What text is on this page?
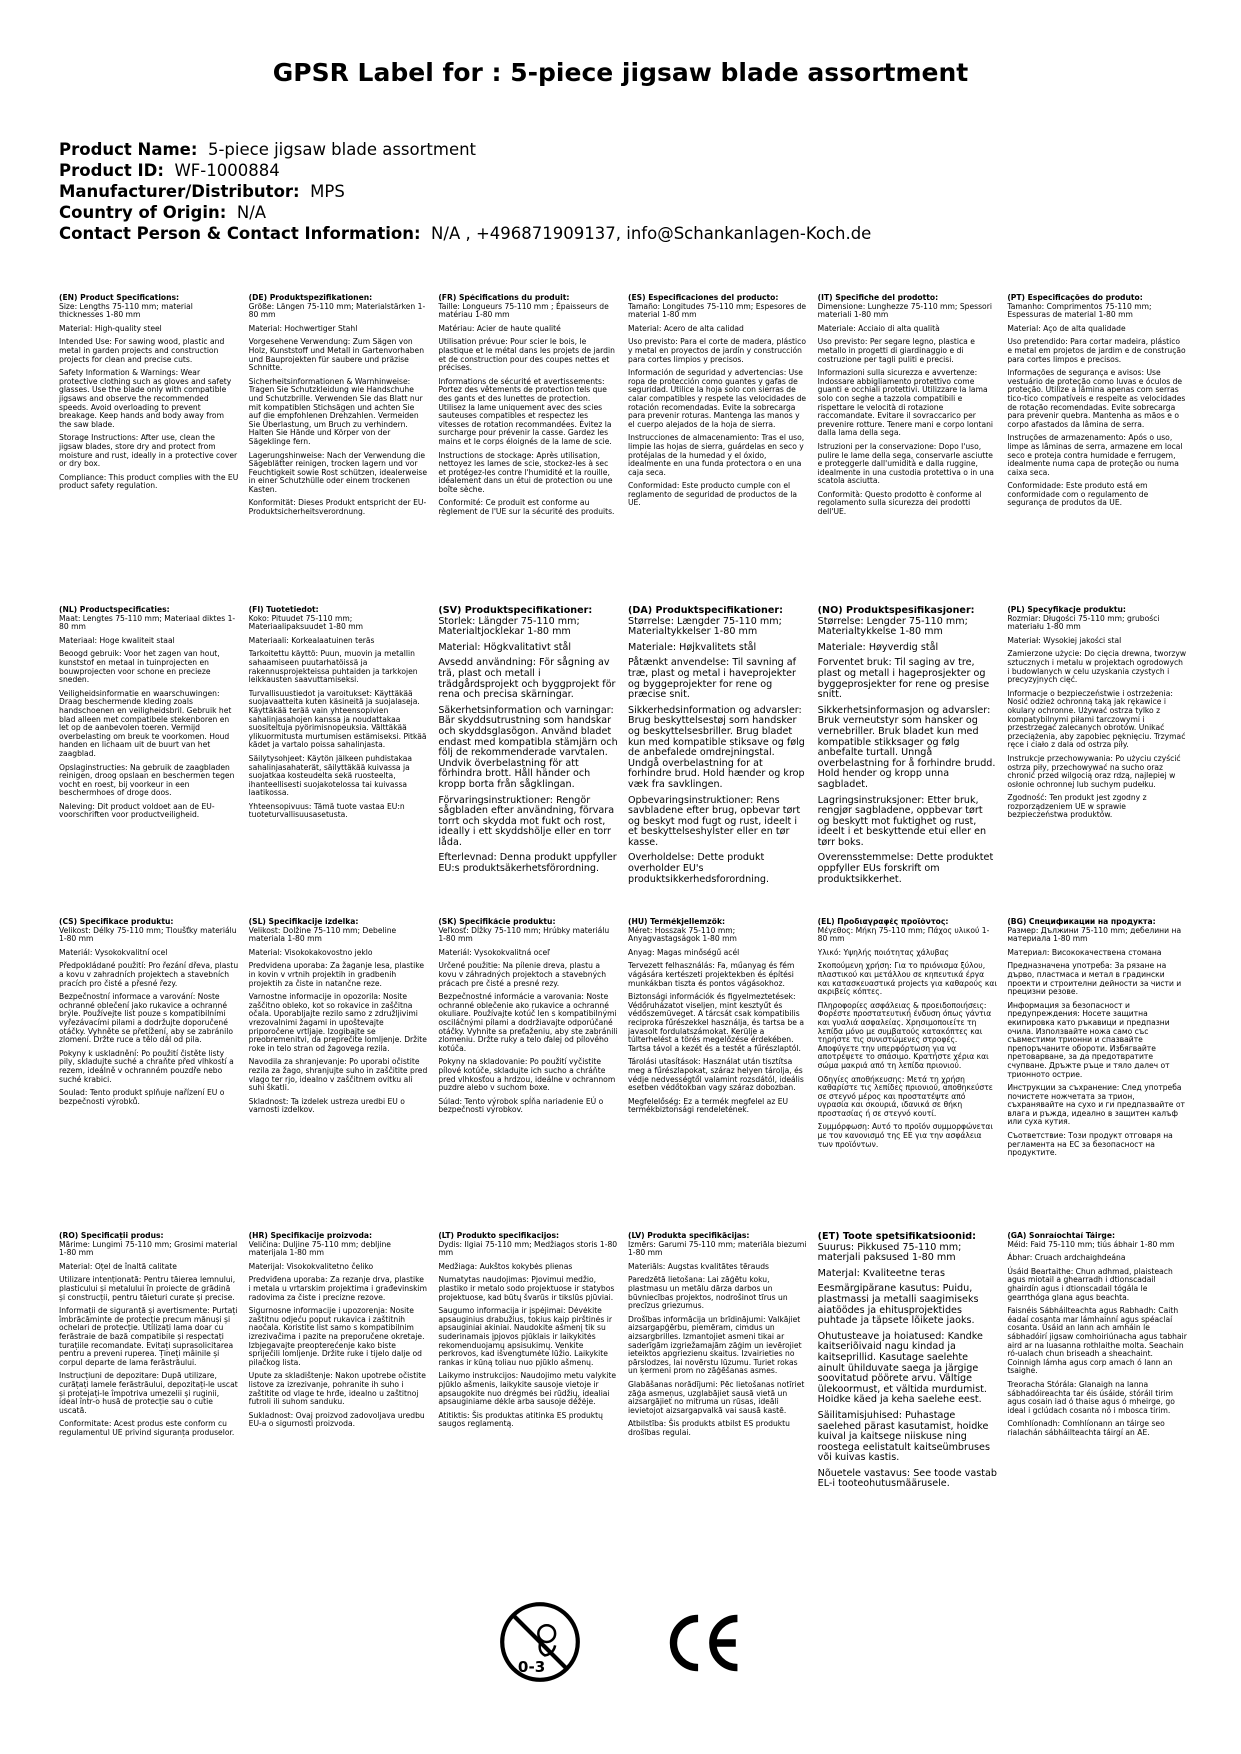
GPSR Label for : 5-piece jigsaw blade assortment
Product Name: 5-piece jigsaw blade assortment
Product ID: WF-1000884
Manufacturer/Distributor: MPS
Country of Origin: N/A
Contact Person & Contact Information: N/A , +496871909137, info@Schankanlagen-Koch.de
(EN) Product Specifications:
Size: Lengths 75-110 mm; material thicknesses 1-80 mm
Material: High-quality steel

Intended Use: For sawing wood, plastic and metal in garden projects and construction projects for clean and precise cuts.

Safety Information & Warnings: Wear protective clothing such as gloves and safety glasses. Use the blade only with compatible jigsaws and observe the recommended speeds. Avoid overloading to prevent breakage. Keep hands and body away from the saw blade.

Storage Instructions: After use, clean the jigsaw blades, store dry and protect from moisture and rust, ideally in a protective cover or dry box.

Compliance: This product complies with the EU product safety regulation.

(DE) Produktspezifikationen:
Größe: Längen 75-110 mm; Materialstärken 1-80 mm
Material: Hochwertiger Stahl

Vorgesehene Verwendung: Zum Sägen von Holz, Kunststoff und Metall in Gartenvorhaben und Bauprojekten für saubere und präzise Schnitte.

Sicherheitsinformationen & Warnhinweise: Tragen Sie Schutzkleidung wie Handschuhe und Schutzbrille. Verwenden Sie das Blatt nur mit kompatiblen Stichsägen und achten Sie auf die empfohlenen Drehzahlen. Vermeiden Sie Überlastung, um Bruch zu verhindern. Halten Sie Hände und Körper von der Sägeklinge fern.

Lagerungshinweise: Nach der Verwendung die Sägeblätter reinigen, trocken lagern und vor Feuchtigkeit sowie Rost schützen, idealerweise in einer Schutzhülle oder einem trockenen Kasten.

Konformität: Dieses Produkt entspricht der EU-Produktsicherheitsverordnung.

(FR) Spécifications du produit:
Taille: Longueurs 75-110 mm ; Épaisseurs de matériau 1-80 mm
Matériau: Acier de haute qualité

Utilisation prévue: Pour scier le bois, le plastique et le métal dans les projets de jardin et de construction pour des coupes nettes et précises.

Informations de sécurité et avertissements: Portez des vêtements de protection tels que des gants et des lunettes de protection. Utilisez la lame uniquement avec des scies sauteuses compatibles et respectez les vitesses de rotation recommandées. Évitez la surcharge pour prévenir la casse. Gardez les mains et le corps éloignés de la lame de scie.

Instructions de stockage: Après utilisation, nettoyez les lames de scie, stockez-les à sec et protégez-les contre l'humidité et la rouille, idéalement dans un étui de protection ou une boîte sèche.

Conformité: Ce produit est conforme au règlement de l'UE sur la sécurité des produits.

(ES) Especificaciones del producto:
Tamaño: Longitudes 75-110 mm; Espesores de material 1-80 mm
Material: Acero de alta calidad

Uso previsto: Para el corte de madera, plástico y metal en proyectos de jardín y construcción para cortes limpios y precisos.

Información de seguridad y advertencias: Use ropa de protección como guantes y gafas de seguridad. Utilice la hoja solo con sierras de calar compatibles y respete las velocidades de rotación recomendadas. Evite la sobrecarga para prevenir roturas. Mantenga las manos y el cuerpo alejados de la hoja de sierra.

Instrucciones de almacenamiento: Tras el uso, limpie las hojas de sierra, guárdelas en seco y protéjalas de la humedad y el óxido, idealmente en una funda protectora o en una caja seca.

Conformidad: Este producto cumple con el reglamento de seguridad de productos de la UE.

(IT) Specifiche del prodotto:
Dimensione: Lunghezze 75-110 mm; Spessori materiali 1-80 mm
Materiale: Acciaio di alta qualità

Uso previsto: Per segare legno, plastica e metallo in progetti di giardinaggio e di costruzione per tagli puliti e precisi.

Informazioni sulla sicurezza e avvertenze: Indossare abbigliamento protettivo come guanti e occhiali protettivi. Utilizzare la lama solo con seghe a tazzola compatibili e rispettare le velocità di rotazione raccomandate. Evitare il sovraccarico per prevenire rotture. Tenere mani e corpo lontani dalla lama della sega.

Istruzioni per la conservazione: Dopo l'uso, pulire le lame della sega, conservarle asciutte e proteggerle dall'umidità e dalla ruggine, idealmente in una custodia protettiva o in una scatola asciutta.

Conformità: Questo prodotto è conforme al regolamento sulla sicurezza dei prodotti dell'UE.

(PT) Especificações do produto:
Tamanho: Comprimentos 75-110 mm; Espessuras de material 1-80 mm
Material: Aço de alta qualidade

Uso pretendido: Para cortar madeira, plástico e metal em projetos de jardim e de construção para cortes limpos e precisos.

Informações de segurança e avisos: Use vestuário de proteção como luvas e óculos de proteção. Utilize a lâmina apenas com serras tico-tico compatíveis e respeite as velocidades de rotação recomendadas. Evite sobrecarga para prevenir quebra. Mantenha as mãos e o corpo afastados da lâmina de serra.

Instruções de armazenamento: Após o uso, limpe as lâminas de serra, armazene em local seco e proteja contra humidade e ferrugem, idealmente numa capa de proteção ou numa caixa seca.

Conformidade: Este produto está em conformidade com o regulamento de segurança de produtos da UE.

(NL) Productspecificaties:
Maat: Lengtes 75-110 mm; Materiaal diktes 1-80 mm
Materiaal: Hoge kwaliteit staal

Beoogd gebruik: Voor het zagen van hout, kunststof en metaal in tuinprojecten en bouwprojecten voor schone en precieze sneden.

Veiligheidsinformatie en waarschuwingen: Draag beschermende kleding zoals handschoenen en veiligheidsbril. Gebruik het blad alleen met compatibele stekenboren en let op de aanbevolen toeren. Vermijd overbelasting om breuk te voorkomen. Houd handen en lichaam uit de buurt van het zaagblad.

Opslaginstructies: Na gebruik de zaagbladen reinigen, droog opslaan en beschermen tegen vocht en roest, bij voorkeur in een beschermhoes of droge doos.

Naleving: Dit product voldoet aan de EU-voorschriften voor productveiligheid.

(FI) Tuotetiedot:
Koko: Pituudet 75-110 mm; Materiaalipaksuudet 1-80 mm
Materiaali: Korkealaatuinen teräs

Tarkoitettu käyttö: Puun, muovin ja metallin sahaamiseen puutarhatöissä ja rakennusprojekteissa puhtaiden ja tarkkojen leikkausten saavuttamiseksi.

Turvallisuustiedot ja varoitukset: Käyttäkää suojavaatteita kuten käsineitä ja suojalaseja. Käyttäkää terää vain yhteensopivien sahalinjasahojen kanssa ja noudattakaa suositeltuja pyörimisnopeuksia. Välttäkää ylikuormitusta murtumisen estämiseksi. Pitkää kädet ja vartalo poissa sahalinjasta.

Säilytysohjeet: Käytön jälkeen puhdistakaa sahalinjasahaterät, säilyttäkää kuivassa ja suojatkaa kosteudelta sekä ruosteelta, ihanteellisesti suojakotelossa tai kuivassa laatikossa.

Yhteensopivuus: Tämä tuote vastaa EU:n tuoteturvallisuusasetusta.

(SV) Produktspecifikationer:
Storlek: Längder 75-110 mm; Materialtjocklekar 1-80 mm
Material: Högkvalitativt stål

Avsedd användning: För sågning av trä, plast och metall i trädgårdsprojekt och byggprojekt för rena och precisa skärningar.

Säkerhetsinformation och varningar: Bär skyddsutrustning som handskar och skyddsglasögon. Använd bladet endast med kompatibla stämjärn och följ de rekommenderade varvtalen. Undvik överbelastning för att förhindra brott. Håll händer och kropp borta från sågklingan.

Förvaringsinstruktioner: Rengör sågbladen efter användning, förvara torrt och skydda mot fukt och rost, ideally i ett skyddshölje eller en torr låda.

Efterlevnad: Denna produkt uppfyller EU:s produktsäkerhetsförordning.

(DA) Produktspecifikationer:
Størrelse: Længder 75-110 mm; Materialtykkelser 1-80 mm
Materiale: Højkvalitets stål

Påtænkt anvendelse: Til savning af træ, plast og metal i haveprojekter og byggeprojekter for rene og præcise snit.

Sikkerhedsinformation og advarsler: Brug beskyttelsestøj som handsker og beskyttelsesbriller. Brug bladet kun med kompatible stiksave og følg de anbefalede omdrejningstal. Undgå overbelastning for at forhindre brud. Hold hænder og krop væk fra savklingen.

Opbevaringsinstruktioner: Rens savbladene efter brug, opbevar tørt og beskyt mod fugt og rust, ideelt i et beskyttelseshylster eller en tør kasse.

Overholdelse: Dette produkt overholder EU's produktsikkerhedsforordning.

(NO) Produktspesifikasjoner:
Størrelse: Lengder 75-110 mm; Materialtykkelse 1-80 mm
Materiale: Høyverdig stål

Forventet bruk: Til saging av tre, plast og metall i hageprosjekter og byggeprosjekter for rene og presise snitt.

Sikkerhetsinformasjon og advarsler: Bruk verneutstyr som hansker og vernebriller. Bruk bladet kun med kompatible stikksager og følg anbefalte turtall. Unngå overbelastning for å forhindre brudd. Hold hender og kropp unna sagbladet.

Lagringsinstruksjoner: Etter bruk, rengjør sagbladene, oppbevar tørt og beskytt mot fuktighet og rust, ideelt i et beskyttende etui eller en tørr boks.

Overensstemmelse: Dette produktet oppfyller EUs forskrift om produktsikkerhet.

(PL) Specyfikacje produktu:
Rozmiar: Długości 75-110 mm; grubości materiału 1-80 mm
Materiał: Wysokiej jakości stal

Zamierzone użycie: Do cięcia drewna, tworzyw sztucznych i metalu w projektach ogrodowych i budowlanych w celu uzyskania czystych i precyzyjnych cięć.

Informacje o bezpieczeństwie i ostrzeżenia: Nosić odzież ochronną taką jak rękawice i okulary ochronne. Używać ostrza tylko z kompatybilnymi piłami tarczowymi i przestrzegać zalecanych obrotów. Unikać przeciążenia, aby zapobiec pęknięciu. Trzymać ręce i ciało z dala od ostrza piły.

Instrukcje przechowywania: Po użyciu czyścić ostrza piły, przechowywać na sucho oraz chronić przed wilgocią oraz rdzą, najlepiej w osłonie ochronnej lub suchym pudełku.

Zgodność: Ten produkt jest zgodny z rozporządzeniem UE w sprawie bezpieczeństwa produktów.

(CS) Specifikace produktu:
Velikost: Délky 75-110 mm; Tloušťky materiálu 1-80 mm
Materiál: Vysokokvalitní ocel

Předpokládané použití: Pro řezání dřeva, plastu a kovu v zahradních projektech a stavebních pracích pro čisté a přesné řezy.

Bezpečnostní informace a varování: Noste ochranné oblečení jako rukavice a ochranné brýle. Používejte list pouze s kompatibilními vyřezávacími pilami a dodržujte doporučené otáčky. Vyhněte se přetížení, aby se zabránilo zlomení. Držte ruce a tělo dál od pila.

Pokyny k uskladnění: Po použití čistěte listy pily, skladujte suché a chraňte před vlhkostí a rezem, ideálně v ochranném pouzdře nebo suché krabici.

Soulad: Tento produkt splňuje nařízení EU o bezpečnosti výrobků.

(SL) Specifikacije izdelka:
Velikost: Dolžine 75-110 mm; Debeline materiala 1-80 mm
Material: Visokokakovostno jeklo

Predvidena uporaba: Za žaganje lesa, plastike in kovin v vrtnih projektih in gradbenih projektih za čiste in natančne reze.

Varnostne informacije in opozorila: Nosite zaščitno obleko, kot so rokavice in zaščitna očala. Uporabljajte rezilo samo z združljivimi vrezovalnimi žagami in upoštevajte priporočene vrtljaje. Izogibajte se preobremenitvi, da preprečite lomljenje. Držite roke in telo stran od žagovega rezila.

Navodila za shranjevanje: Po uporabi očistite rezila za žago, shranjujte suho in zaščitite pred vlago ter rjo, idealno v zaščitnem ovitku ali suhi škatli.

Skladnost: Ta izdelek ustreza uredbi EU o varnosti izdelkov.

(SK) Špecifikácie produktu:
Veľkosť: Dĺžky 75-110 mm; Hrúbky materiálu 1-80 mm
Materiál: Vysokokvalitná oceľ

Určené použitie: Na pílenie dreva, plastu a kovu v záhradných projektoch a stavebných prácach pre čisté a presné rezy.

Bezpečnostné informácie a varovania: Noste ochranné oblečenie ako rukavice a ochranné okuliare. Používajte kotúč len s kompatibilnými osciláčnými pílami a dodržiavajte odporúčané otáčky. Vyhnite sa preťaženiu, aby ste zabránili zlomeniu. Držte ruky a telo ďalej od pílového kotúča.

Pokyny na skladovanie: Po použití vyčistite pílové kotúče, skladujte ich sucho a chráňte pred vlhkosťou a hrdzou, ideálne v ochrannom puzdre alebo v suchom boxe.

Súlad: Tento výrobok spĺňa nariadenie EÚ o bezpečnosti výrobkov.

(HU) Termékjellemzők:
Méret: Hosszak 75-110 mm; Anyagvastagságok 1-80 mm
Anyag: Magas minőségű acél

Tervezett felhasználás: Fa, műanyag és fém vágására kertészeti projektekben és építési munkákban tiszta és pontos vágásokhoz.

Biztonsági információk és figyelmeztetések: Védőruházatot viseljen, mint kesztyűt és védőszemüveget. A tárcsát csak kompatibilis reciproka fűrészekkel használja, és tartsa be a javasolt fordulatszámokat. Kerülje a túlterhelést a törés megelőzése érdekében. Tartsa távol a kezét és a testét a fűrészlaptól.

Tárolási utasítások: Használat után tisztítsa meg a fűrészlapokat, száraz helyen tárolja, és védje nedvességtől valamint rozsdától, ideális esetben védőtokban vagy száraz dobozban.

Megfelelőség: Ez a termék megfelel az EU termékbiztonsági rendeletének.

(EL) Προδιαγραφές προϊόντος:
Μέγεθος: Μήκη 75-110 mm; Πάχος υλικού 1-80 mm
Υλικό: Υψηλής ποιότητας χάλυβας

Σκοπούμενη χρήση: Για το πριόνισμα ξύλου, πλαστικού και μετάλλου σε κηπευτικά έργα και κατασκευαστικά projects για καθαρούς και ακριβείς κόπτες.

Πληροφορίες ασφάλειας & προειδοποιήσεις: Φορέστε προστατευτική ένδυση όπως γάντια και γυαλιά ασφαλείας. Χρησιμοποιείτε τη λεπίδα μόνο με συμβατούς κατακόπτες και τηρήστε τις συνιστώμενες στροφές. Αποφύγετε την υπερφόρτωση για να αποτρέψετε το σπάσιμο. Κρατήστε χέρια και σώμα μακριά από τη λεπίδα πριονιού.

Οδηγίες αποθήκευσης: Μετά τη χρήση καθαρίστε τις λεπίδες πριονιού, αποθηκεύστε σε στεγνό μέρος και προστατέψτε από υγρασία και σκουριά, ιδανικά σε θήκη προστασίας ή σε στεγνό κουτί.

Συμμόρφωση: Αυτό το προϊόν συμμορφώνεται με τον κανονισμό της ΕΕ για την ασφάλεια των προϊόντων.

(BG) Спецификации на продукта:
Размер: Дължини 75-110 mm; дебелини на материала 1-80 mm
Материал: Висококачествена стомана

Предназначена употреба: За рязане на дърво, пластмаса и метал в градински проекти и строителни дейности за чисти и прецизни резове.

Информация за безопасност и предупреждения: Носете защитна екипировка като ръкавици и предпазни очила. Използвайте ножа само със съвместими трионни и спазвайте препоръчаните обороти. Избягвайте претоварване, за да предотвратите счупване. Дръжте ръце и тяло далеч от трионното острие.

Инструкции за съхранение: След употреба почистете ножчетата за трион, съхранявайте на сухо и ги предпазвайте от влага и ръжда, идеално в защитен калъф или суха кутия.

Съответствие: Този продукт отговаря на регламента на ЕС за безопасност на продуктите.

(RO) Specificații produs:
Mărime: Lungimi 75-110 mm; Grosimi material 1-80 mm
Material: Oțel de înaltă calitate

Utilizare intenționată: Pentru tăierea lemnului, plasticului și metalului în proiecte de grădină și construcții, pentru tăieturi curate și precise.

Informații de siguranță și avertismente: Purtați îmbrăcăminte de protecție precum mănuși și ochelari de protecție. Utilizați lama doar cu ferăstraie de bază compatibile și respectați turațiile recomandate. Evitați suprasolicitarea pentru a preveni ruperea. Țineți mâinile și corpul departe de lama ferăstrăului.

Instrucțiuni de depozitare: După utilizare, curățați lamele ferăstrăului, depozitați-le uscat și protejați-le împotriva umezelii și ruginii, ideal într-o husă de protecție sau o cutie uscată.

Conformitate: Acest produs este conform cu regulamentul UE privind siguranța produselor.

(HR) Specifikacije proizvoda:
Veličina: Duljine 75-110 mm; debljine materijala 1-80 mm
Materijal: Visokokvalitetno čeliko

Predviđena uporaba: Za rezanje drva, plastike i metala u vrtarskim projektima i građevinskim radovima za čiste i precizne rezove.

Sigurnosne informacije i upozorenja: Nosite zaštitnu odjeću poput rukavica i zaštitnih naočala. Koristite list samo s kompatibilnim izrezivačima i pazite na preporučene okretaje. Izbjegavajte preopterećenje kako biste spriječili lomljenje. Držite ruke i tijelo dalje od pilačkog lista.

Upute za skladištenje: Nakon upotrebe očistite listove za izrezivanje, pohranite ih suho i zaštitite od vlage te hrđe, idealno u zaštitnoj futroli ili suhom sanduku.

Sukladnost: Ovaj proizvod zadovoljava uredbu EU-a o sigurnosti proizvoda.

(LT) Produkto specifikacijos:
Dydis: Ilgiai 75-110 mm; Medžiagos storis 1-80 mm
Medžiaga: Aukštos kokybės plienas

Numatytas naudojimas: Pjovimui medžio, plastiko ir metalo sodo projektuose ir statybos projektuose, kad būtų švarūs ir tikslūs pjūviai.

Saugumo informacija ir įspėjimai: Dėvėkite apsauginius drabužius, tokius kaip pirštinės ir apsauginiai akiniai. Naudokite ašmenį tik su suderinamais įpjovos pjūklais ir laikykitės rekomenduojamų apsisukimų. Venkite perkrovos, kad išvengtumėte lūžio. Laikykite rankas ir kūną toliau nuo pjūklo ašmenų.

Laikymo instrukcijos: Naudojimo metu valykite pjūklo ašmenis, laikykite sausoje vietoje ir apsaugokite nuo drėgmės bei rūdžių, idealiai apsauginiame dėkle arba sausoje dėžėje.

Atitiktis: Šis produktas atitinka ES produktų saugos reglamentą.

(LV) Produkta specifikācijas:
Izmērs: Garumi 75-110 mm; materiāla biezumi 1-80 mm
Materiāls: Augstas kvalitātes tērauds

Paredzētā lietošana: Lai zāģētu koku, plastmasu un metālu dārza darbos un būvniecības projektos, nodrošinot tīrus un precīzus griezumus.

Drošības informācija un brīdinājumi: Valkājiet aizsargapģērbu, piemēram, cimdus un aizsargbrilles. Izmantojiet asmeni tikai ar saderīgām izgriežamajām zāģim un ievērojiet ieteiktos apgriezienu skaitus. Izvairieties no pārslodzes, lai novērstu lūzumu. Turiet rokas un ķermeni prom no zāģēšanas asmes.

Glabāšanas norādījumi: Pēc lietošanas notīriet zāģa asmeņus, uzglabājiet sausā vietā un aizsargājiet no mitruma un rūsas, ideāli ievietojot aizsargapvalkā vai sausā kastē.

Atbilstība: Šis produkts atbilst ES produktu drošības regulai.

(ET) Toote spetsifikatsioonid:
Suurus: Pikkused 75-110 mm; materjali paksused 1-80 mm
Materjal: Kvaliteetne teras

Eesmärgipärane kasutus: Puidu, plastmassi ja metalli saagimiseks aiatöödes ja ehitusprojektides puhtade ja täpsete lõikete jaoks.

Ohutusteave ja hoiatused: Kandke kaitseriõivaid nagu kindad ja kaitseprillid. Kasutage saelehte ainult ühilduvate saega ja järgige soovitatud pöörete arvu. Vältige ülekoormust, et vältida murdumist. Hoidke käed ja keha saelehe eest.

Säilitamisjuhised: Puhastage saelehed pärast kasutamist, hoidke kuival ja kaitsege niiskuse ning roostega eelistatult kaitseümbruses või kuivas kastis.

Nõuetele vastavus: See toode vastab EL-i tooteohutusmäärusele.

(GA) Sonraíochtaí Táirge:
Méid: Faid 75-110 mm; tiús ábhair 1-80 mm
Ábhar: Cruach ardchaighdeána

Úsáid Beartaithe: Chun adhmad, plaisteach agus miotail a ghearradh i dtionscadail ghairdín agus i dtionscadail tógála le gearrthóga glana agus beachta.

Faisnéis Sábháilteachta agus Rabhadh: Caith éadaí cosanta mar lámhainní agus spéaclaí cosanta. Úsáid an lann ach amháin le sábhadóirí jigsaw comhoiriúnacha agus tabhair aird ar na luasanna rothlaithe molta. Seachain ró-ualach chun briseadh a sheachaint. Coinnigh lámha agus corp amach ó lann an tsaighe.

Treoracha Stórála: Glanaigh na lanna sábhadóireachta tar éis úsáide, stóráil tirim agus cosain iad ó thaise agus ó mheirge, go ideal i gclúdach cosanta nó i mbosca tirim.

Comhlíonadh: Comhlíonann an táirge seo rialachán sábháilteachta táirgí an AE.

0-3
